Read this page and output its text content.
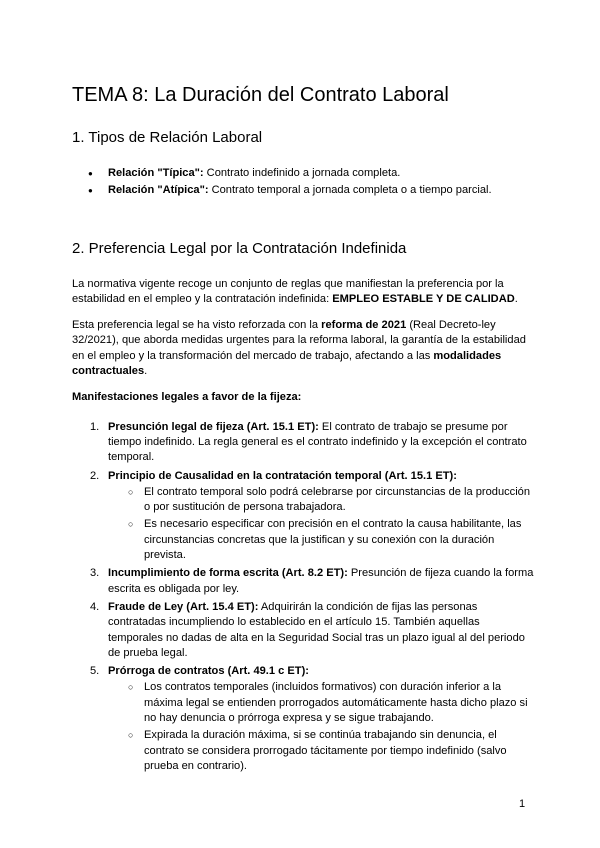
TEMA 8: La Duración del Contrato Laboral
1. Tipos de Relación Laboral
● Relación "Típica": Contrato indefinido a jornada completa.
● Relación "Atípica": Contrato temporal a jornada completa o a tiempo parcial.
2. Preferencia Legal por la Contratación Indefinida

La normativa vigente recoge un conjunto de reglas que manifiestan la preferencia por la estabilidad en el empleo y la contratación indefinida: EMPLEO ESTABLE Y DE CALIDAD.

Esta preferencia legal se ha visto reforzada con la reforma de 2021 (Real Decreto-ley 32/2021), que aborda medidas urgentes para la reforma laboral, la garantía de la estabilidad en el empleo y la transformación del mercado de trabajo, afectando a las modalidades contractuales.

Manifestaciones legales a favor de la fijeza:

1. Presunción legal de fijeza (Art. 15.1 ET): El contrato de trabajo se presume por tiempo indefinido. La regla general es el contrato indefinido y la excepción el contrato temporal.
2. Principio de Causalidad en la contratación temporal (Art. 15.1 ET):
○ El contrato temporal solo podrá celebrarse por circunstancias de la producción o por sustitución de persona trabajadora.
○ Es necesario especificar con precisión en el contrato la causa habilitante, las circunstancias concretas que la justifican y su conexión con la duración prevista.
3. Incumplimiento de forma escrita (Art. 8.2 ET): Presunción de fijeza cuando la forma escrita es obligada por ley.
4. Fraude de Ley (Art. 15.4 ET): Adquirirán la condición de fijas las personas contratadas incumpliendo lo establecido en el artículo 15. También aquellas temporales no dadas de alta en la Seguridad Social tras un plazo igual al del periodo de prueba legal.
5. Prórroga de contratos (Art. 49.1 c ET):
○ Los contratos temporales (incluidos formativos) con duración inferior a la máxima legal se entienden prorrogados automáticamente hasta dicho plazo si no hay denuncia o prórroga expresa y se sigue trabajando.
○ Expirada la duración máxima, si se continúa trabajando sin denuncia, el contrato se considera prorrogado tácitamente por tiempo indefinido (salvo prueba en contrario).
1
